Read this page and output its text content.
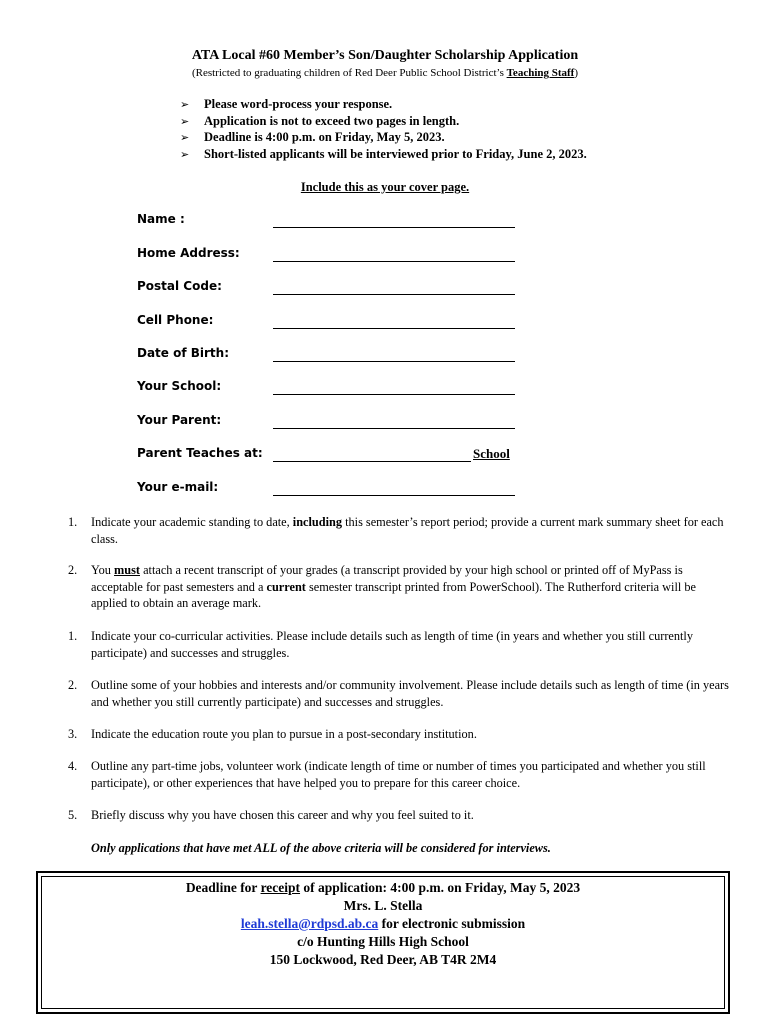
ATA Local #60 Member’s Son/Daughter Scholarship Application
(Restricted to graduating children of Red Deer Public School District’s Teaching Staff)
➢ Please word-process your response.
➢ Application is not to exceed two pages in length.
➢ Deadline is 4:00 p.m. on Friday, May 5, 2023.
➢ Short-listed applicants will be interviewed prior to Friday, June 2, 2023.
Include this as your cover page.
Name :
Home Address:
Postal Code:
Cell Phone:
Date of Birth:
Your School:
Your Parent:
Parent Teaches at:	School
Your e-mail:
1. Indicate your academic standing to date, including this semester’s report period; provide a current mark summary sheet for each class.
2. You must attach a recent transcript of your grades (a transcript provided by your high school or printed off of MyPass is acceptable for past semesters and a current semester transcript printed from PowerSchool). The Rutherford criteria will be applied to obtain an average mark.
1. Indicate your co-curricular activities. Please include details such as length of time (in years and whether you still currently participate) and successes and struggles.
2. Outline some of your hobbies and interests and/or community involvement. Please include details such as length of time (in years and whether you still currently participate) and successes and struggles.
3. Indicate the education route you plan to pursue in a post-secondary institution.
4. Outline any part-time jobs, volunteer work (indicate length of time or number of times you participated and whether you still participate), or other experiences that have helped you to prepare for this career choice.
5. Briefly discuss why you have chosen this career and why you feel suited to it.
Only applications that have met ALL of the above criteria will be considered for interviews.
Deadline for receipt of application: 4:00 p.m. on Friday, May 5, 2023
Mrs. L. Stella
leah.stella@rdpsd.ab.ca for electronic submission
c/o Hunting Hills High School
150 Lockwood, Red Deer, AB T4R 2M4
